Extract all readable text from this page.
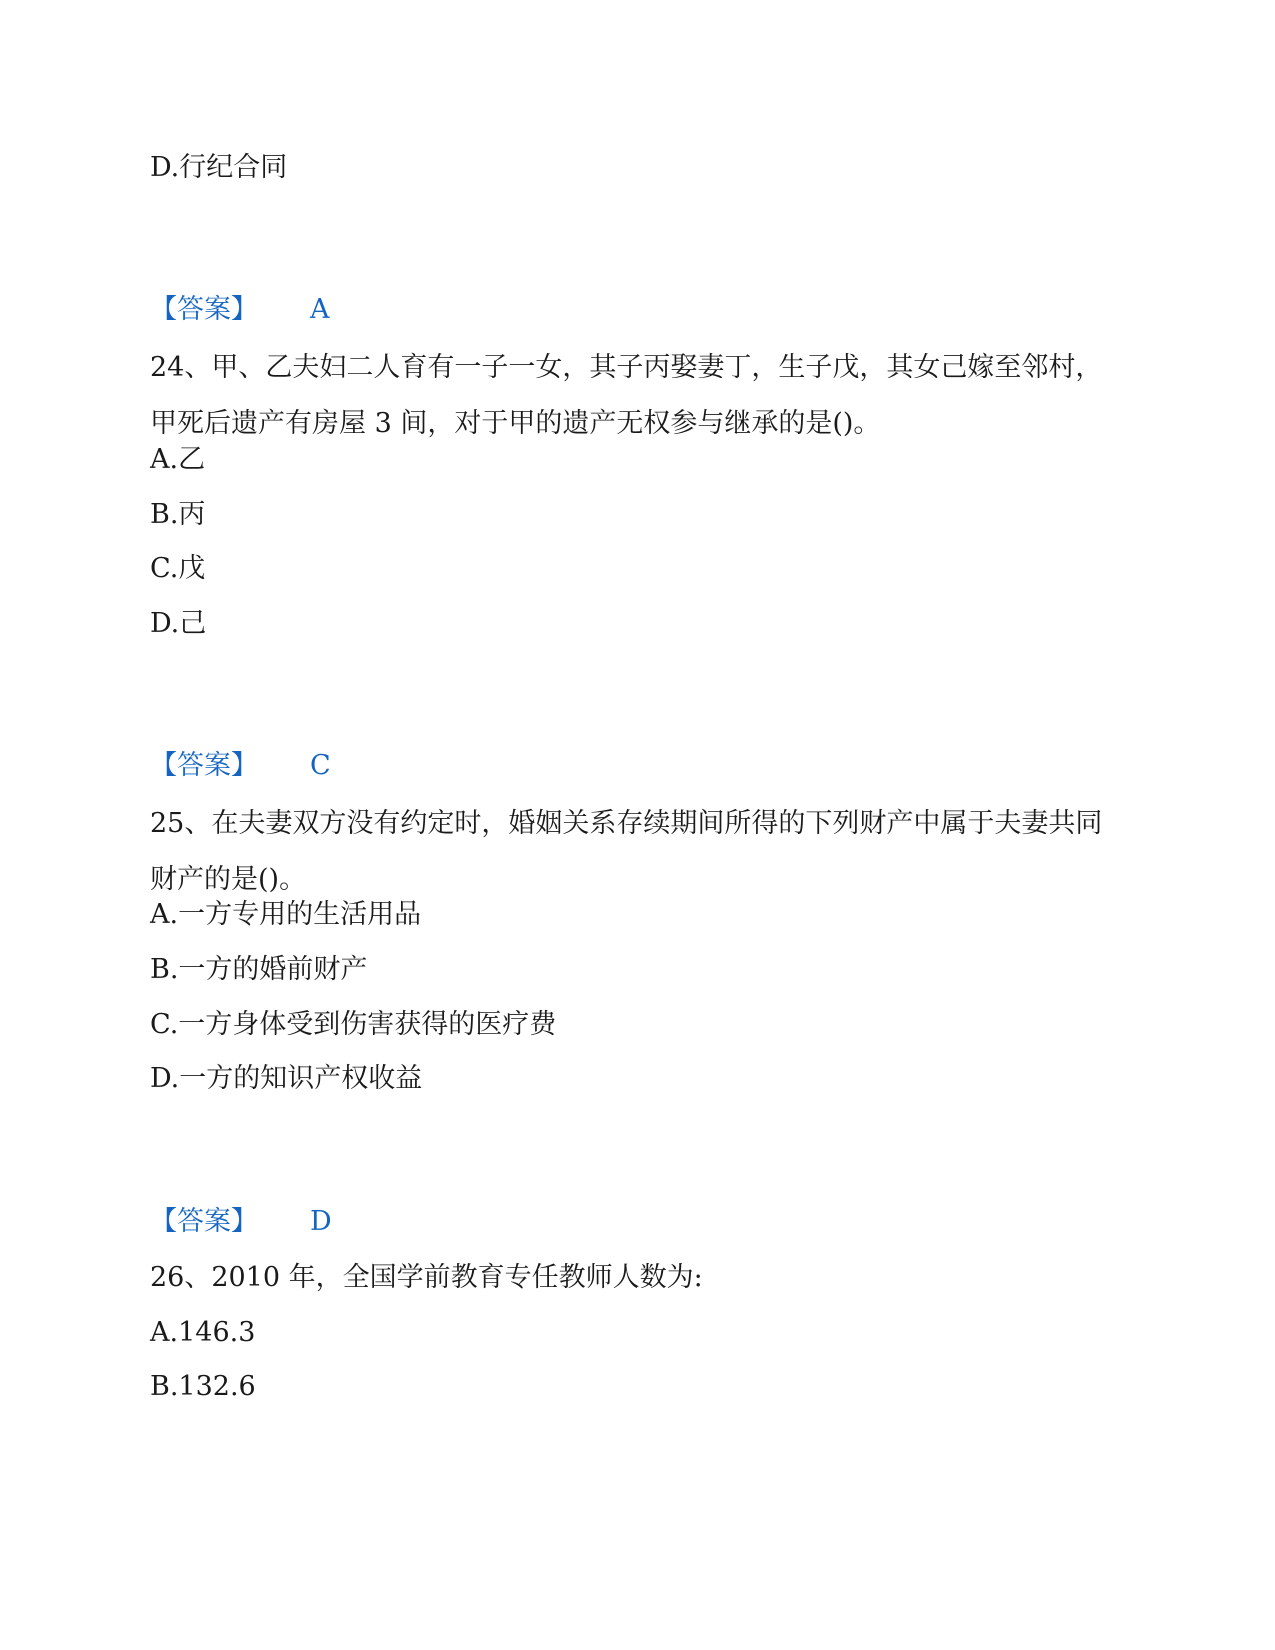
D.行纪合同
【答案】 A
24、甲、乙夫妇二人育有一子一女，其子丙娶妻丁，生子戊，其女己嫁至邻村，甲死后遗产有房屋 3 间，对于甲的遗产无权参与继承的是()。
A.乙
B.丙
C.戊
D.己
【答案】 C
25、在夫妻双方没有约定时，婚姻关系存续期间所得的下列财产中属于夫妻共同财产的是()。
A.一方专用的生活用品
B.一方的婚前财产
C.一方身体受到伤害获得的医疗费
D.一方的知识产权收益
【答案】 D
26、2010 年，全国学前教育专任教师人数为:
A.146.3
B.132.6
